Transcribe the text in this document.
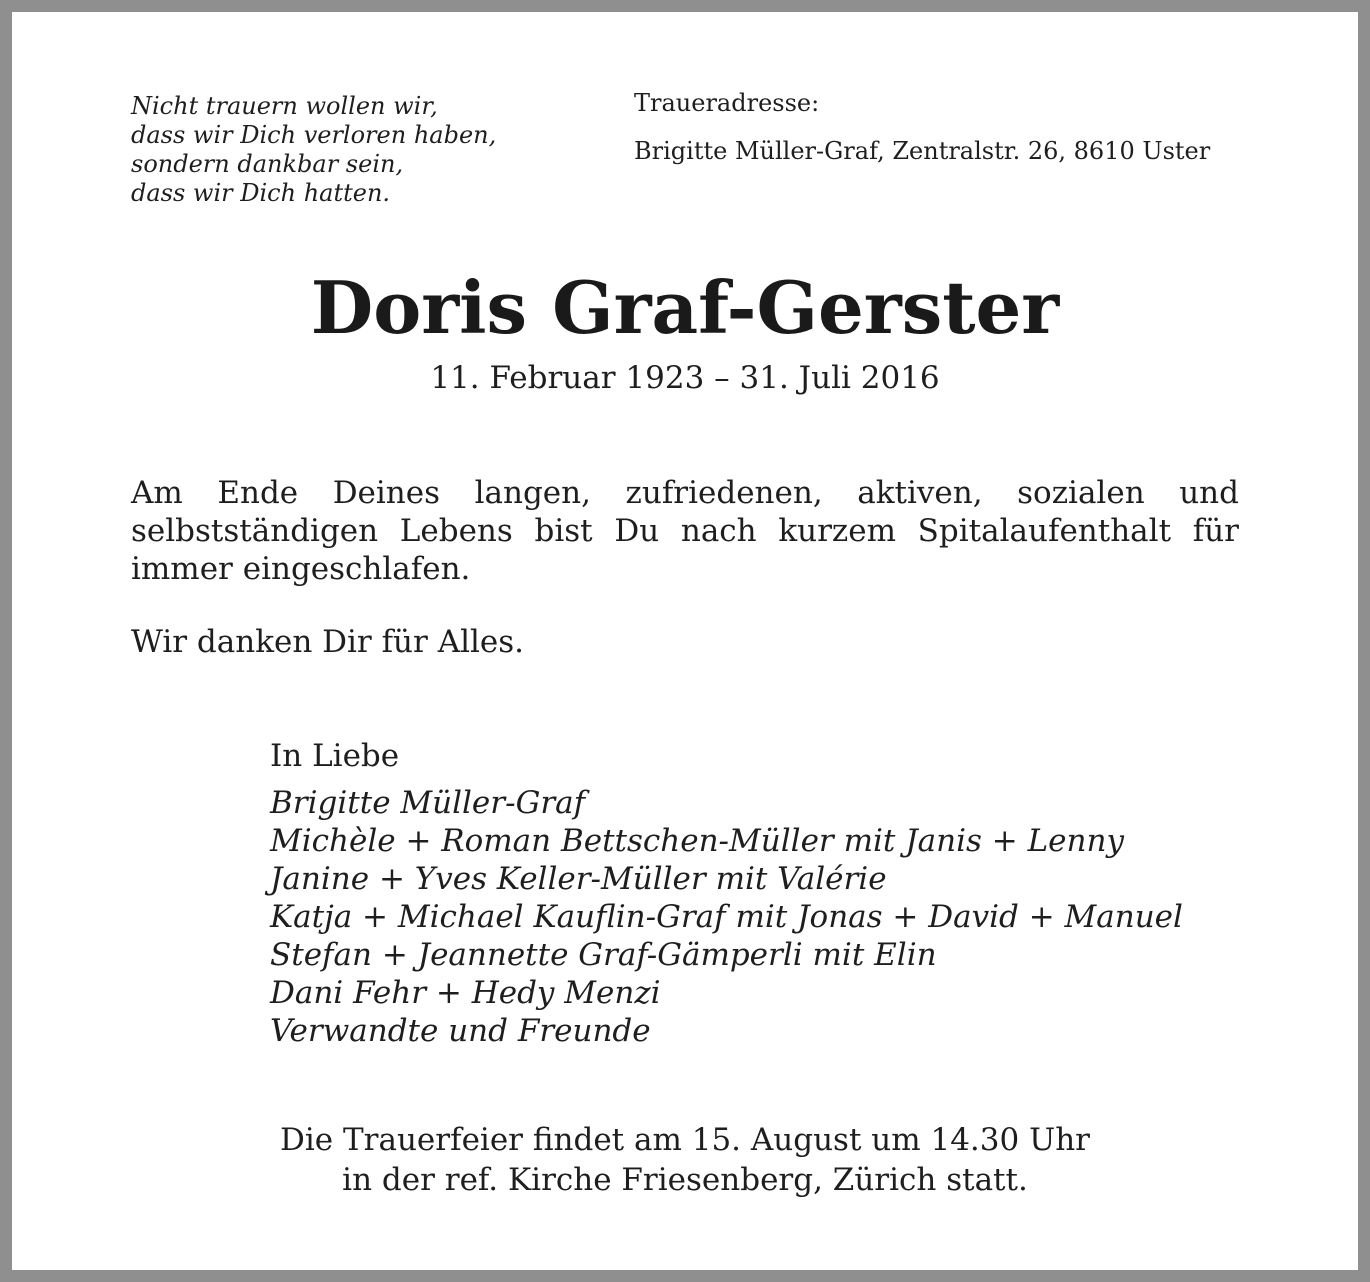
Nicht trauern wollen wir,
dass wir Dich verloren haben,
sondern dankbar sein,
dass wir Dich hatten.
Traueradresse:
Brigitte Müller-Graf, Zentralstr. 26, 8610 Uster
Doris Graf-Gerster
11. Februar 1923 – 31. Juli 2016
Am Ende Deines langen, zufriedenen, aktiven, sozialen und selbstständigen Lebens bist Du nach kurzem Spitalaufenthalt für immer eingeschlafen.
Wir danken Dir für Alles.
In Liebe
Brigitte Müller-Graf
Michèle + Roman Bettschen-Müller mit Janis + Lenny
Janine + Yves Keller-Müller mit Valérie
Katja + Michael Kauflin-Graf mit Jonas + David + Manuel
Stefan + Jeannette Graf-Gämperli mit Elin
Dani Fehr + Hedy Menzi
Verwandte und Freunde
Die Trauerfeier findet am 15. August um 14.30 Uhr
in der ref. Kirche Friesenberg, Zürich statt.
